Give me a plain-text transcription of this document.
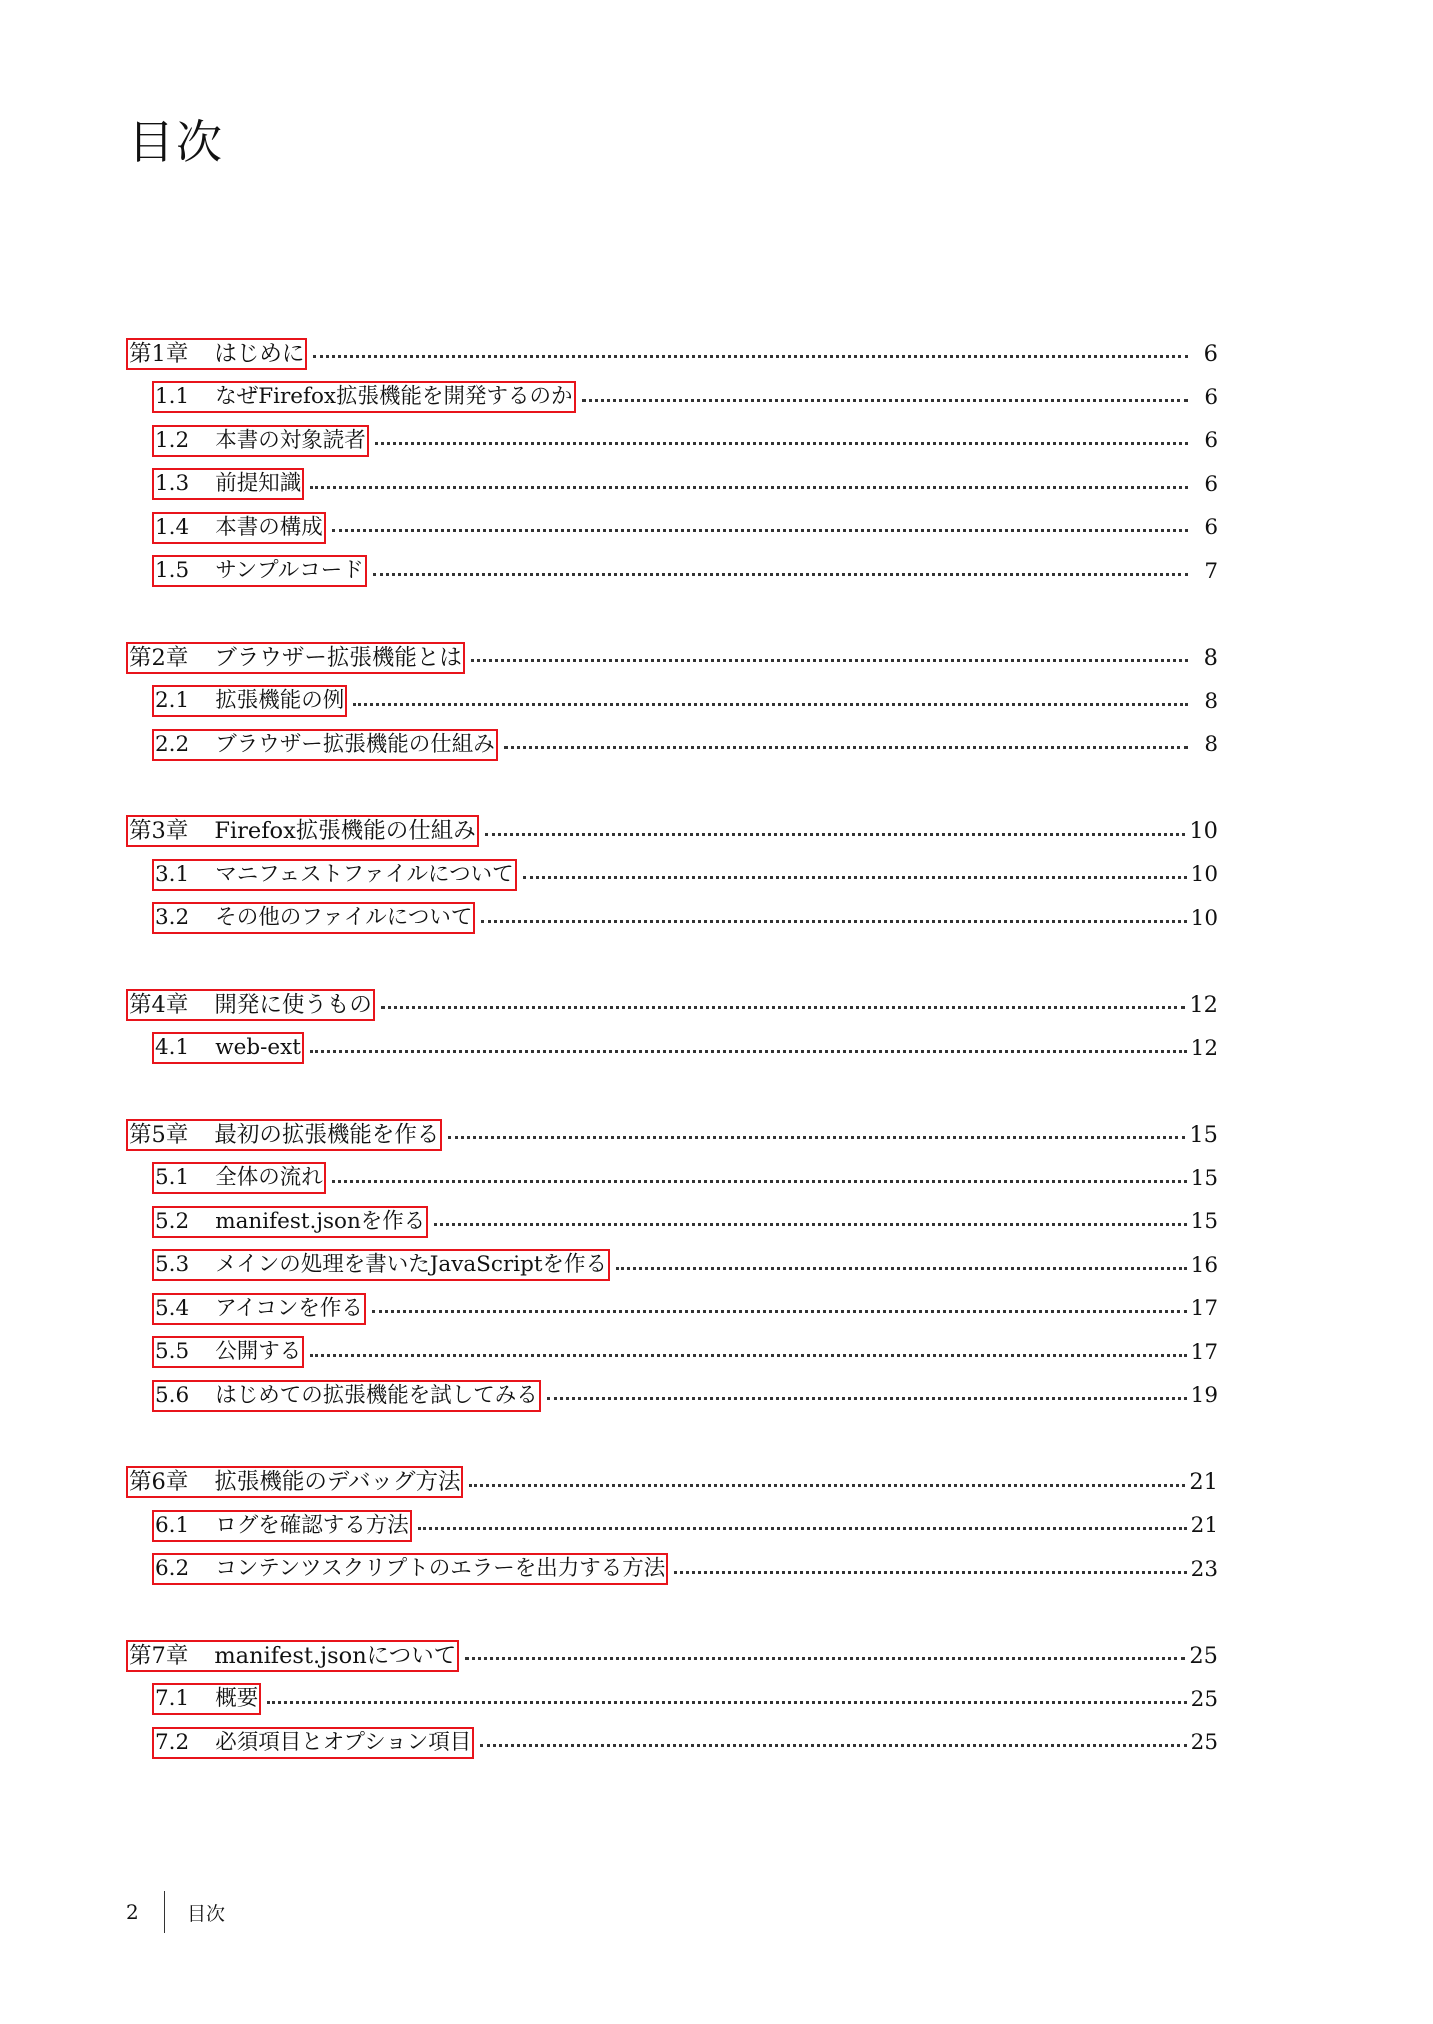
目次
第1章 はじめに	6
1.1 なぜFirefox拡張機能を開発するのか	6
1.2 本書の対象読者	6
1.3 前提知識	6
1.4 本書の構成	6
1.5 サンプルコード	7
第2章 ブラウザー拡張機能とは	8
2.1 拡張機能の例	8
2.2 ブラウザー拡張機能の仕組み	8
第3章 Firefox拡張機能の仕組み	10
3.1 マニフェストファイルについて	10
3.2 その他のファイルについて	10
第4章 開発に使うもの	12
4.1 web-ext	12
第5章 最初の拡張機能を作る	15
5.1 全体の流れ	15
5.2 manifest.jsonを作る	15
5.3 メインの処理を書いたJavaScriptを作る	16
5.4 アイコンを作る	17
5.5 公開する	17
5.6 はじめての拡張機能を試してみる	19
第6章 拡張機能のデバッグ方法	21
6.1 ログを確認する方法	21
6.2 コンテンツスクリプトのエラーを出力する方法	23
第7章 manifest.jsonについて	25
7.1 概要	25
7.2 必須項目とオプション項目	25
2	目次
